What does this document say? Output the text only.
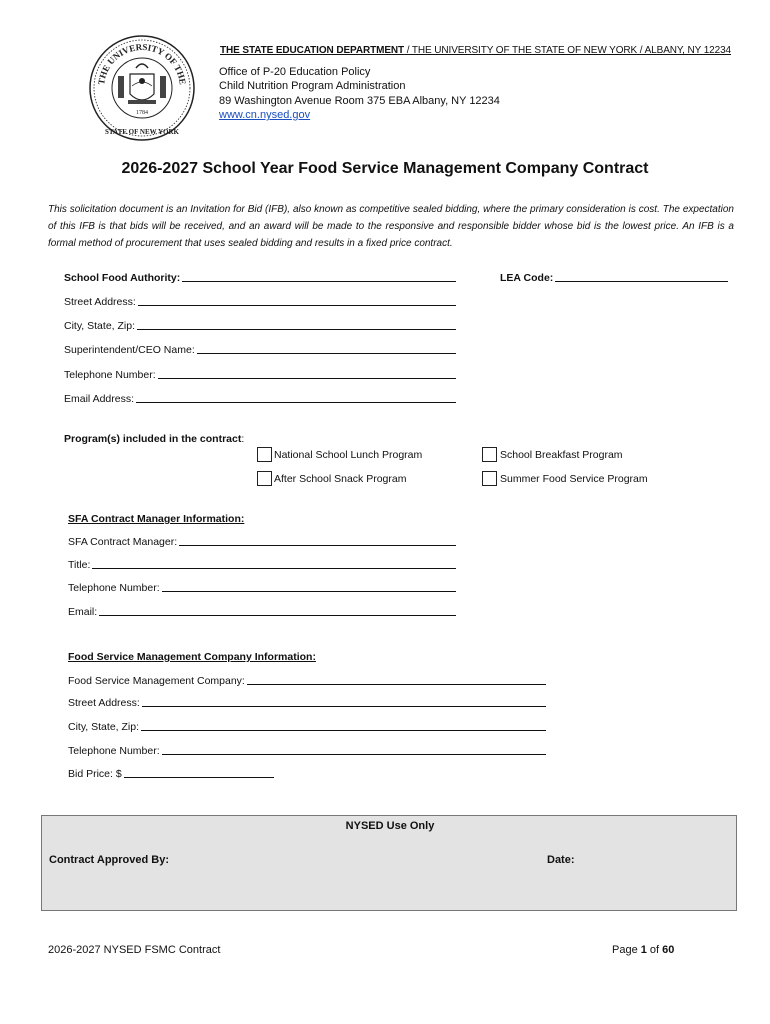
THE UNIVERSITY OF THE
1784
STATE OF NEW YORK
THE STATE EDUCATION DEPARTMENT / THE UNIVERSITY OF THE STATE OF NEW YORK / ALBANY, NY 12234
Office of P-20 Education Policy
Child Nutrition Program Administration
89 Washington Avenue Room 375 EBA Albany, NY 12234
www.cn.nysed.gov
2026-2027 School Year Food Service Management Company Contract
This solicitation document is an Invitation for Bid (IFB), also known as competitive sealed bidding, where the primary consideration is cost. The expectation of this IFB is that bids will be received, and an award will be made to the responsive and responsible bidder whose bid is the lowest price. An IFB is a formal method of procurement that uses sealed bidding and results in a fixed price contract.
School Food Authority:	LEA Code:
Street Address:
City, State, Zip:
Superintendent/CEO Name:
Telephone Number:
Email Address:
Program(s) included in the contract:
National School Lunch Program	School Breakfast Program
After School Snack Program	Summer Food Service Program
SFA Contract Manager Information:
SFA Contract Manager:
Title:
Telephone Number:
Email:
Food Service Management Company Information:
Food Service Management Company:
Street Address:
City, State, Zip:
Telephone Number:
Bid Price: $
NYSED Use Only
Contract Approved By:	Date:
2026-2027 NYSED FSMC Contract	Page 1 of 60
